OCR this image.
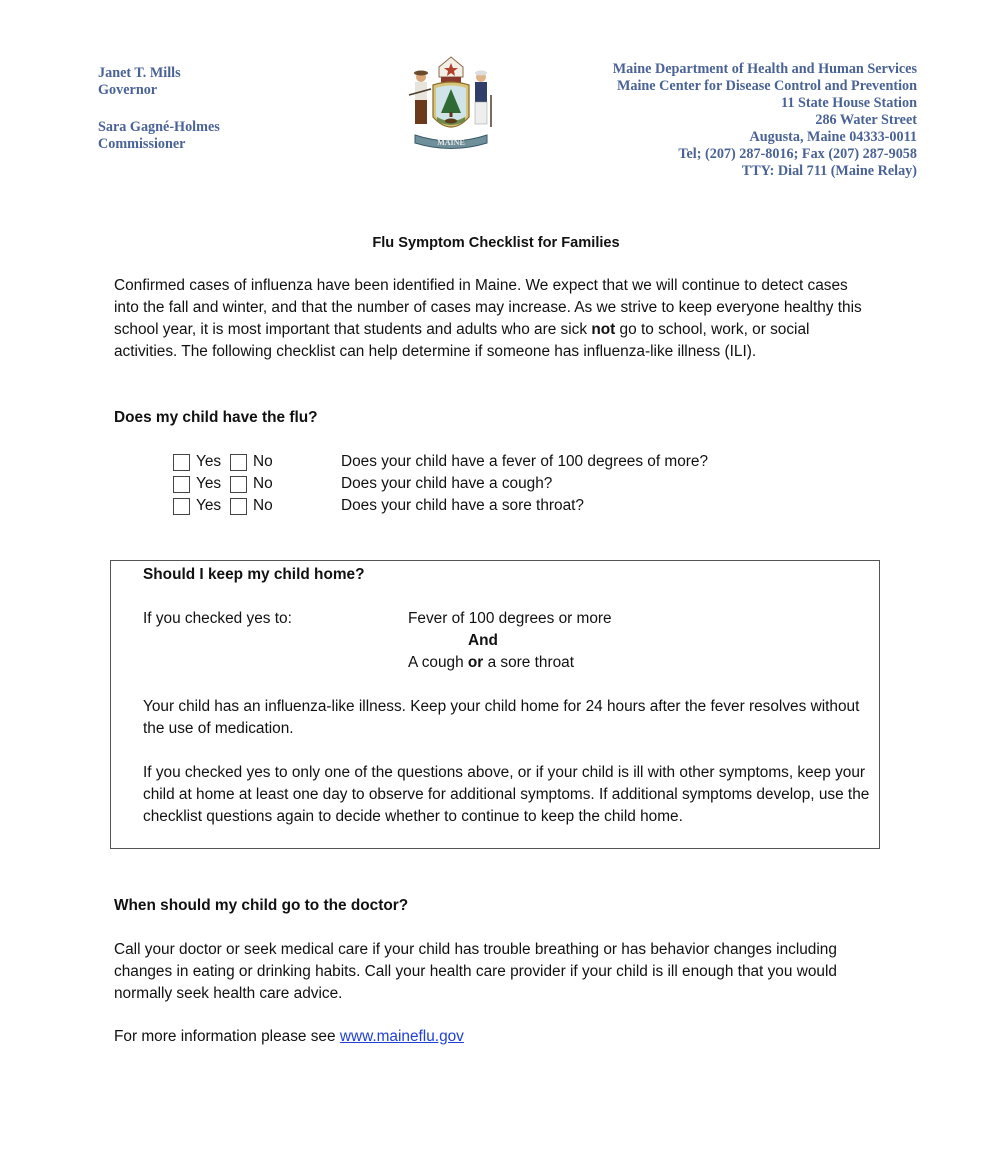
Janet T. Mills
Governor
Sara Gagné-Holmes
Commissioner	MAINE
Maine Department of Health and Human Services
Maine Center for Disease Control and Prevention
11 State House Station
286 Water Street
Augusta, Maine 04333-0011
Tel; (207) 287-8016; Fax (207) 287-9058
TTY: Dial 711 (Maine Relay)
Flu Symptom Checklist for Families
Confirmed cases of influenza have been identified in Maine. We expect that we will continue to detect cases into the fall and winter, and that the number of cases may increase. As we strive to keep everyone healthy this school year, it is most important that students and adults who are sick not go to school, work, or social activities. The following checklist can help determine if someone has influenza-like illness (ILI).
Does my child have the flu?
Yes	No	Does your child have a fever of 100 degrees of more?
Yes	No	Does your child have a cough?
Yes	No	Does your child have a sore throat?
Should I keep my child home?
If you checked yes to:	Fever of 100 degrees or more
And
A cough or a sore throat
Your child has an influenza-like illness. Keep your child home for 24 hours after the fever resolves without the use of medication.
If you checked yes to only one of the questions above, or if your child is ill with other symptoms, keep your child at home at least one day to observe for additional symptoms. If additional symptoms develop, use the checklist questions again to decide whether to continue to keep the child home.
When should my child go to the doctor?
Call your doctor or seek medical care if your child has trouble breathing or has behavior changes including changes in eating or drinking habits. Call your health care provider if your child is ill enough that you would normally seek health care advice.
For more information please see www.maineflu.gov
